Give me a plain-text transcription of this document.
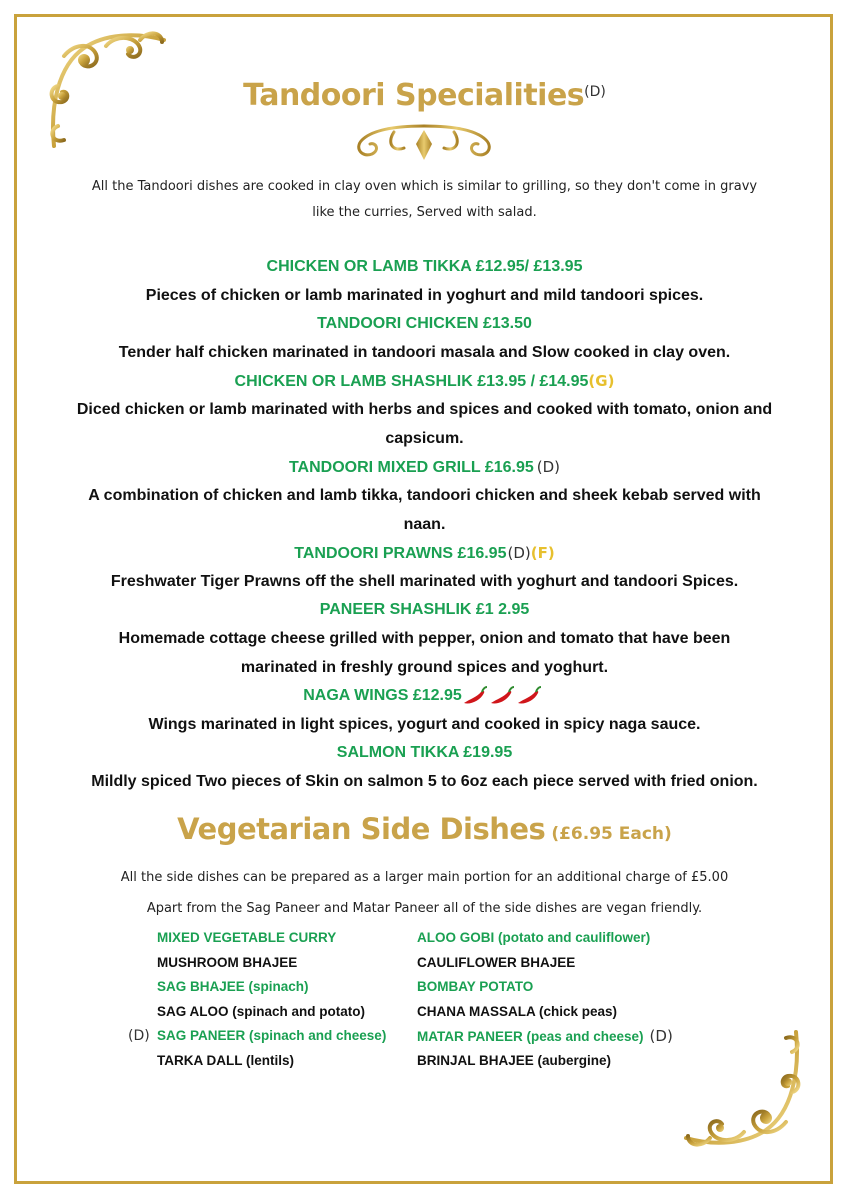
Tandoori Specialities(D)
All the Tandoori dishes are cooked in clay oven which is similar to grilling, so they don't come in gravy
like the curries, Served with salad.
CHICKEN OR LAMB TIKKA £12.95/ £13.95
Pieces of chicken or lamb marinated in yoghurt and mild tandoori spices.
TANDOORI CHICKEN £13.50
Tender half chicken marinated in tandoori masala and Slow cooked in clay oven.
CHICKEN OR LAMB SHASHLIK £13.95 / £14.95(G)
Diced chicken or lamb marinated with herbs and spices and cooked with tomato, onion and
capsicum.
TANDOORI MIXED GRILL £16.95 (D)
A combination of chicken and lamb tikka, tandoori chicken and sheek kebab served with
naan.
TANDOORI PRAWNS £16.95(D)(F)
Freshwater Tiger Prawns off the shell marinated with yoghurt and tandoori Spices.
PANEER SHASHLIK £1 2.95
Homemade cottage cheese grilled with pepper, onion and tomato that have been
marinated in freshly ground spices and yoghurt.
NAGA WINGS £12.95
Wings marinated in light spices, yogurt and cooked in spicy naga sauce.
SALMON TIKKA £19.95
Mildly spiced Two pieces of Skin on salmon 5 to 6oz each piece served with fried onion.
Vegetarian Side Dishes (£6.95 Each)
All the side dishes can be prepared as a larger main portion for an additional charge of £5.00
Apart from the Sag Paneer and Matar Paneer all of the side dishes are vegan friendly.
MIXED VEGETABLE CURRY	ALOO GOBI (potato and cauliflower)
MUSHROOM BHAJEE	CAULIFLOWER BHAJEE
SAG BHAJEE (spinach)	BOMBAY POTATO
SAG ALOO (spinach and potato)	CHANA MASSALA (chick peas)
(D) SAG PANEER (spinach and cheese) MATAR PANEER (peas and cheese) (D)
TARKA DALL (lentils)	BRINJAL BHAJEE (aubergine)
